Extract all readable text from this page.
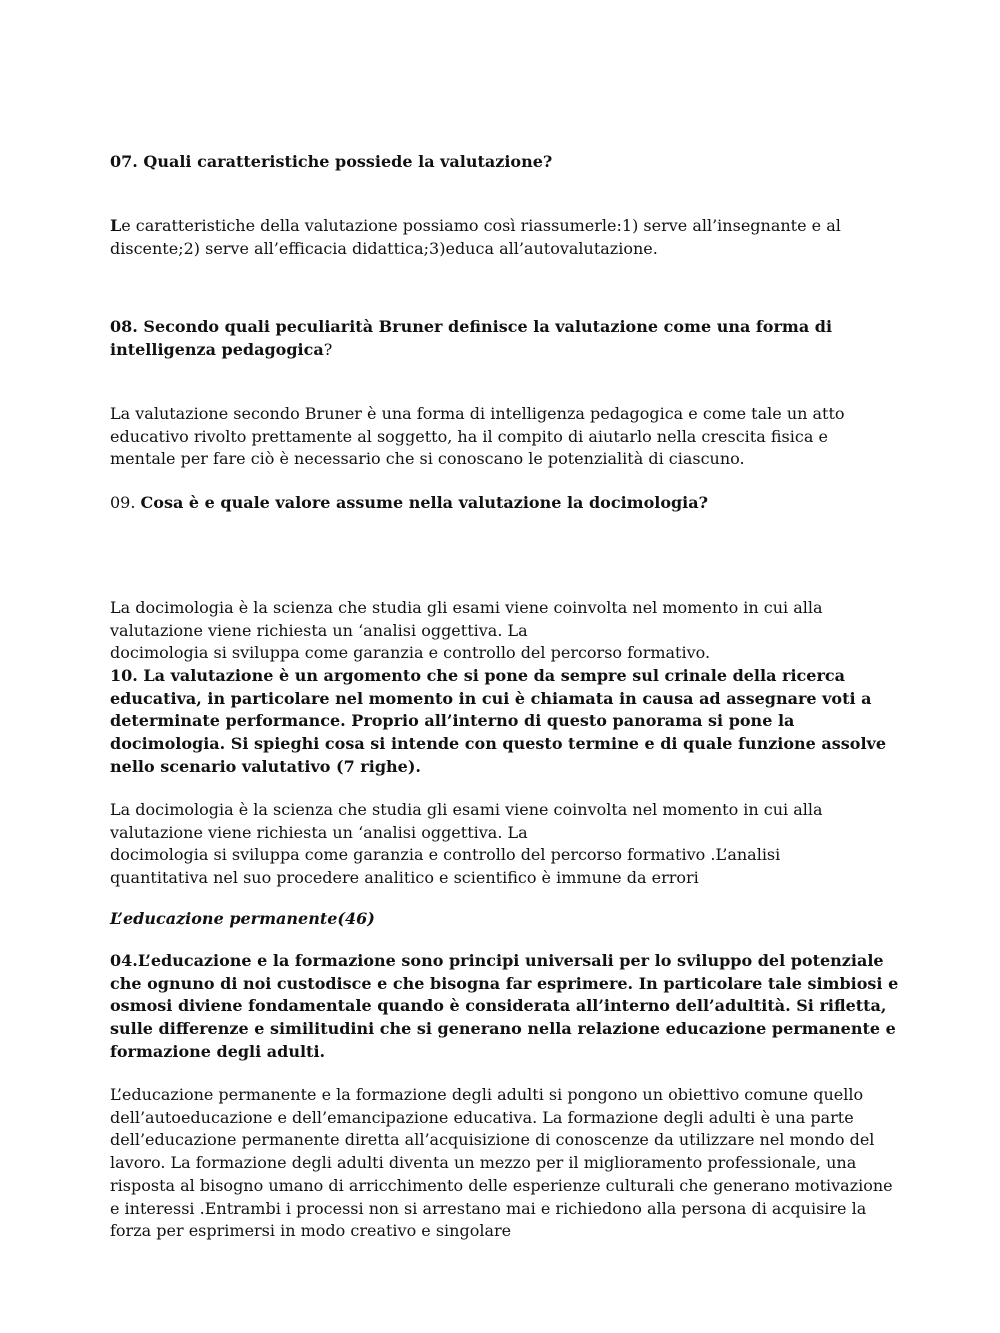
07. Quali caratteristiche possiede la valutazione?

Le caratteristiche della valutazione possiamo così riassumerle:1) serve all’insegnante e al discente;2) serve all’efficacia didattica;3)educa all’autovalutazione.

08. Secondo quali peculiarità Bruner definisce la valutazione come una forma di intelligenza pedagogica?

La valutazione secondo Bruner è una forma di intelligenza pedagogica e come tale un atto
educativo rivolto prettamente al soggetto, ha il compito di aiutarlo nella crescita fisica e
mentale per fare ciò è necessario che si conoscano le potenzialità di ciascuno.

09. Cosa è e quale valore assume nella valutazione la docimologia?

La docimologia è la scienza che studia gli esami viene coinvolta nel momento in cui alla
valutazione viene richiesta un ‘analisi oggettiva. La
docimologia si sviluppa come garanzia e controllo del percorso formativo.

10. La valutazione è un argomento che si pone da sempre sul crinale della ricerca educativa, in particolare nel momento in cui è chiamata in causa ad assegnare voti a determinate performance. Proprio all’interno di questo panorama si pone la docimologia. Si spieghi cosa si intende con questo termine e di quale funzione assolve nello scenario valutativo (7 righe).

La docimologia è la scienza che studia gli esami viene coinvolta nel momento in cui alla
valutazione viene richiesta un ‘analisi oggettiva. La
docimologia si sviluppa come garanzia e controllo del percorso formativo .L’analisi
quantitativa nel suo procedere analitico e scientifico è immune da errori

L’educazione permanente(46)

04.L’educazione e la formazione sono principi universali per lo sviluppo del potenziale che ognuno di noi custodisce e che bisogna far esprimere. In particolare tale simbiosi e osmosi diviene fondamentale quando è considerata all’interno dell’adultità. Si rifletta, sulle differenze e similitudini che si generano nella relazione educazione permanente e formazione degli adulti.

L’educazione permanente e la formazione degli adulti si pongono un obiettivo comune quello dell’autoeducazione e dell’emancipazione educativa. La formazione degli adulti è una parte dell’educazione permanente diretta all’acquisizione di conoscenze da utilizzare nel mondo del lavoro. La formazione degli adulti diventa un mezzo per il miglioramento professionale, una risposta al bisogno umano di arricchimento delle esperienze culturali che generano motivazione e interessi .Entrambi i processi non si arrestano mai e richiedono alla persona di acquisire la forza per esprimersi in modo creativo e singolare
